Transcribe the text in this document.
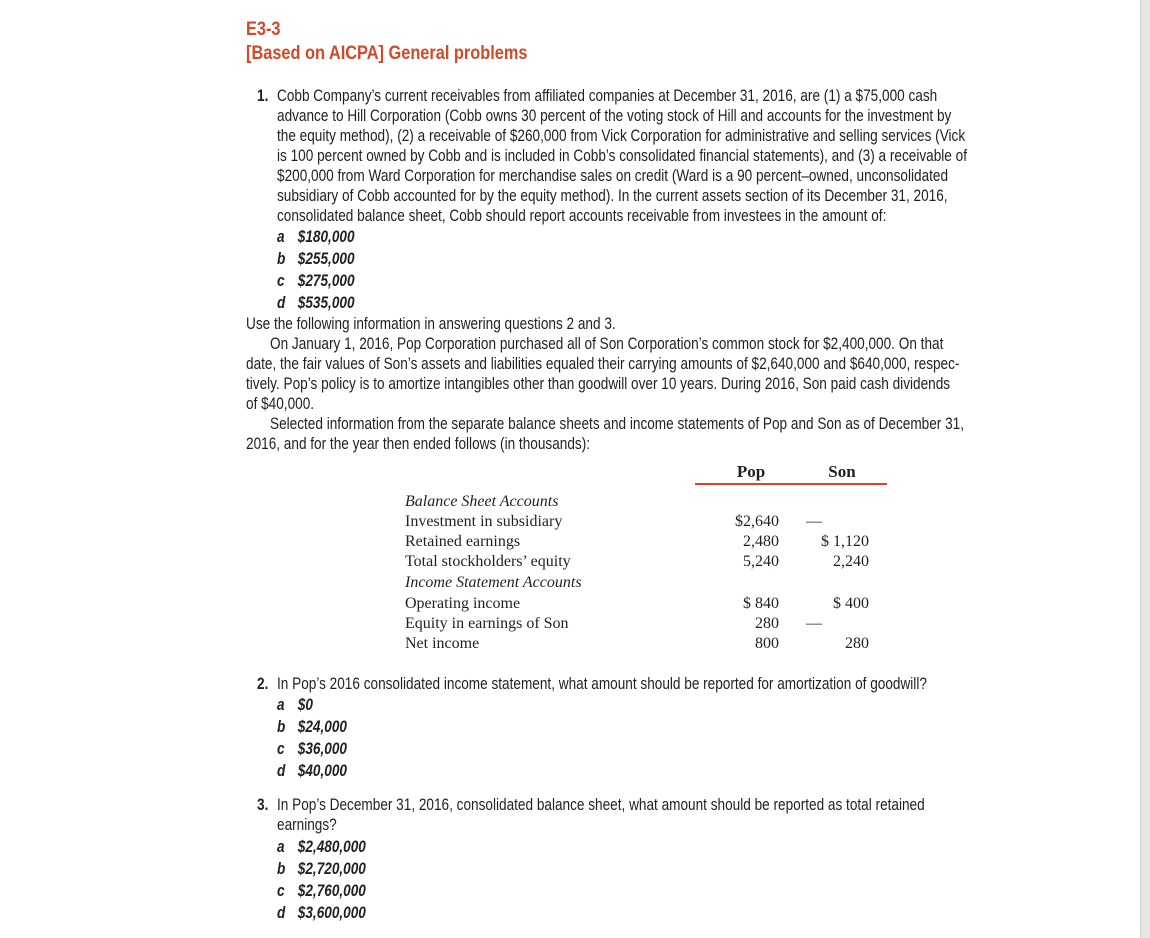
E3-3
[Based on AICPA] General problems
1. Cobb Company’s current receivables from affiliated companies at December 31, 2016, are (1) a $75,000 cash
advance to Hill Corporation (Cobb owns 30 percent of the voting stock of Hill and accounts for the investment by
the equity method), (2) a receivable of $260,000 from Vick Corporation for administrative and selling services (Vick
is 100 percent owned by Cobb and is included in Cobb’s consolidated financial statements), and (3) a receivable of
$200,000 from Ward Corporation for merchandise sales on credit (Ward is a 90 percent–owned, unconsolidated
subsidiary of Cobb accounted for by the equity method). In the current assets section of its December 31, 2016,
consolidated balance sheet, Cobb should report accounts receivable from investees in the amount of:
a $180,000
b $255,000
c $275,000
d $535,000
Use the following information in answering questions 2 and 3.
On January 1, 2016, Pop Corporation purchased all of Son Corporation’s common stock for $2,400,000. On that
date, the fair values of Son’s assets and liabilities equaled their carrying amounts of $2,640,000 and $640,000, respec-
tively. Pop’s policy is to amortize intangibles other than goodwill over 10 years. During 2016, Son paid cash dividends
of $40,000.
Selected information from the separate balance sheets and income statements of Pop and Son as of December 31,
2016, and for the year then ended follows (in thousands):
Pop	Son
Balance Sheet Accounts
Investment in subsidiary	$2,640	—
Retained earnings	2,480	$ 1,120
Total stockholders’ equity	5,240	2,240
Income Statement Accounts
Operating income	$ 840	$ 400
Equity in earnings of Son	280	—
Net income	800	280
2. In Pop’s 2016 consolidated income statement, what amount should be reported for amortization of goodwill?
a $0
b $24,000
c $36,000
d $40,000
3. In Pop’s December 31, 2016, consolidated balance sheet, what amount should be reported as total retained
earnings?
a $2,480,000
b $2,720,000
c $2,760,000
d $3,600,000
